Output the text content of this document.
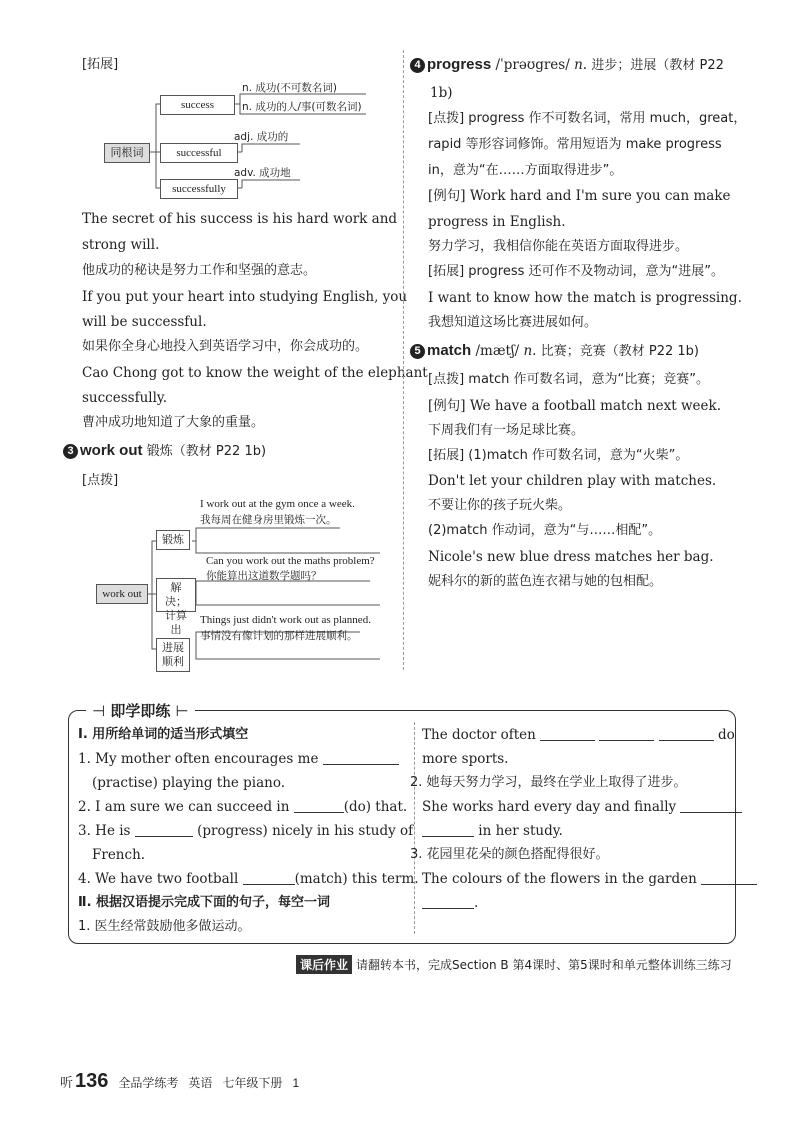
[拓展]
同根词
success
successful
successfully
n. 成功(不可数名词)
n. 成功的人/事(可数名词)
adj. 成功的
adv. 成功地
The secret of his success is his hard work and
strong will.
他成功的秘诀是努力工作和坚强的意志。
If you put your heart into studying English, you
will be successful.
如果你全身心地投入到英语学习中，你会成功的。
Cao Chong got to know the weight of the elephant
successfully.
曹冲成功地知道了大象的重量。
3 work out 锻炼（教材 P22 1b)
[点拨]
work out
锻炼
解决；计算出
进展顺利
I work out at the gym once a week.
我每周在健身房里锻炼一次。
Can you work out the maths problem?
你能算出这道数学题吗？
Things just didn't work out as planned.
事情没有像计划的那样进展顺利。
4 progress /ˈprəʊgres/ n. 进步；进展（教材 P22
1b)
[点拨] progress 作不可数名词，常用 much，great，
rapid 等形容词修饰。常用短语为 make progress
in，意为“在……方面取得进步”。
[例句] Work hard and I'm sure you can make
progress in English.
努力学习，我相信你能在英语方面取得进步。
[拓展] progress 还可作不及物动词，意为“进展”。
I want to know how the match is progressing.
我想知道这场比赛进展如何。
5 match /mætʃ/ n. 比赛；竞赛（教材 P22 1b)
[点拨] match 作可数名词，意为“比赛；竞赛”。
[例句] We have a football match next week.
下周我们有一场足球比赛。
[拓展] (1)match 作可数名词，意为“火柴”。
Don't let your children play with matches.
不要让你的孩子玩火柴。
(2)match 作动词，意为“与……相配”。
Nicole's new blue dress matches her bag.
妮科尔的新的蓝色连衣裙与她的包相配。
⊣ 即学即练 ⊢
Ⅰ. 用所给单词的适当形式填空
1. My mother often encourages me
(practise) playing the piano.
2. I am sure we can succeed in	(do) that.
3. He is	(progress) nicely in his study of
French.
4. We have two football	(match) this term.
Ⅱ. 根据汉语提示完成下面的句子，每空一词
1. 医生经常鼓励他多做运动。
The doctor often	do
more sports.
2. 她每天努力学习，最终在学业上取得了进步。
She works hard every day and finally
in her study.
3. 花园里花朵的颜色搭配得很好。
The colours of the flowers in the garden
.
课后作业 请翻转本书，完成Section B 第4课时、第5课时和单元整体训练三练习
听 136 全品学练考 英语 七年级下册 1
